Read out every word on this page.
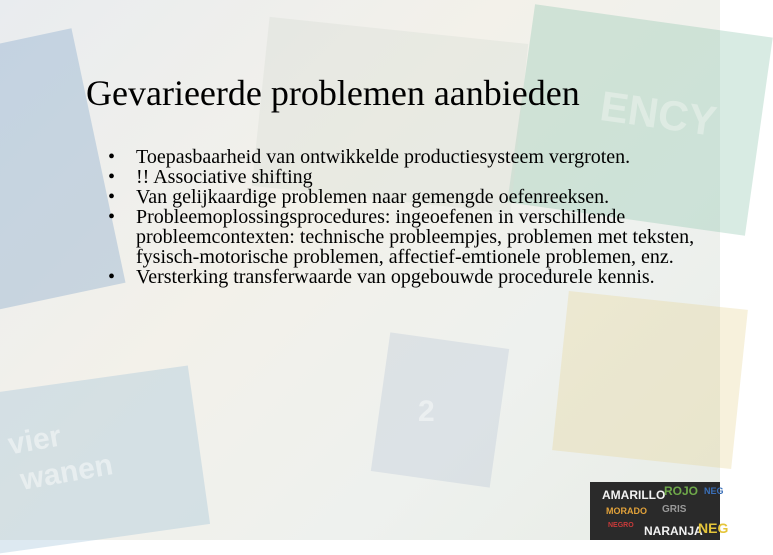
vier
wanen
ENCY
2
Gevarieerde problemen aanbieden
• Toepasbaarheid van ontwikkelde productiesysteem vergroten.
• !! Associative shifting
• Van gelijkaardige problemen naar gemengde oefenreeksen.
• Probleemoplossingsprocedures: ingeoefenen in verschillende probleemcontexten: technische probleempjes, problemen met teksten, fysisch-motorische problemen, affectief-emtionele problemen, enz.
• Versterking transferwaarde van opgebouwde procedurele kennis.
AMARILLO
ROJO NEG
MORADO GRIS
NEGRO NARANJA
NEG
